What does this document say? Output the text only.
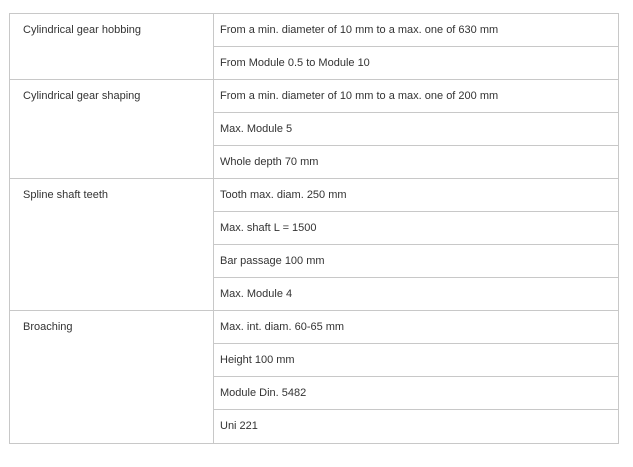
Cylindrical gear hobbing	From a min. diameter of 10 mm to a max. one of 630 mm
	From Module 0.5 to Module 10
Cylindrical gear shaping	From a min. diameter of 10 mm to a max. one of 200 mm
	Max. Module 5
	Whole depth 70 mm
Spline shaft teeth	Tooth max. diam. 250 mm
	Max. shaft L = 1500
	Bar passage 100 mm
	Max. Module 4
Broaching	Max. int. diam. 60-65 mm
	Height 100 mm
	Module Din. 5482
	Uni 221
